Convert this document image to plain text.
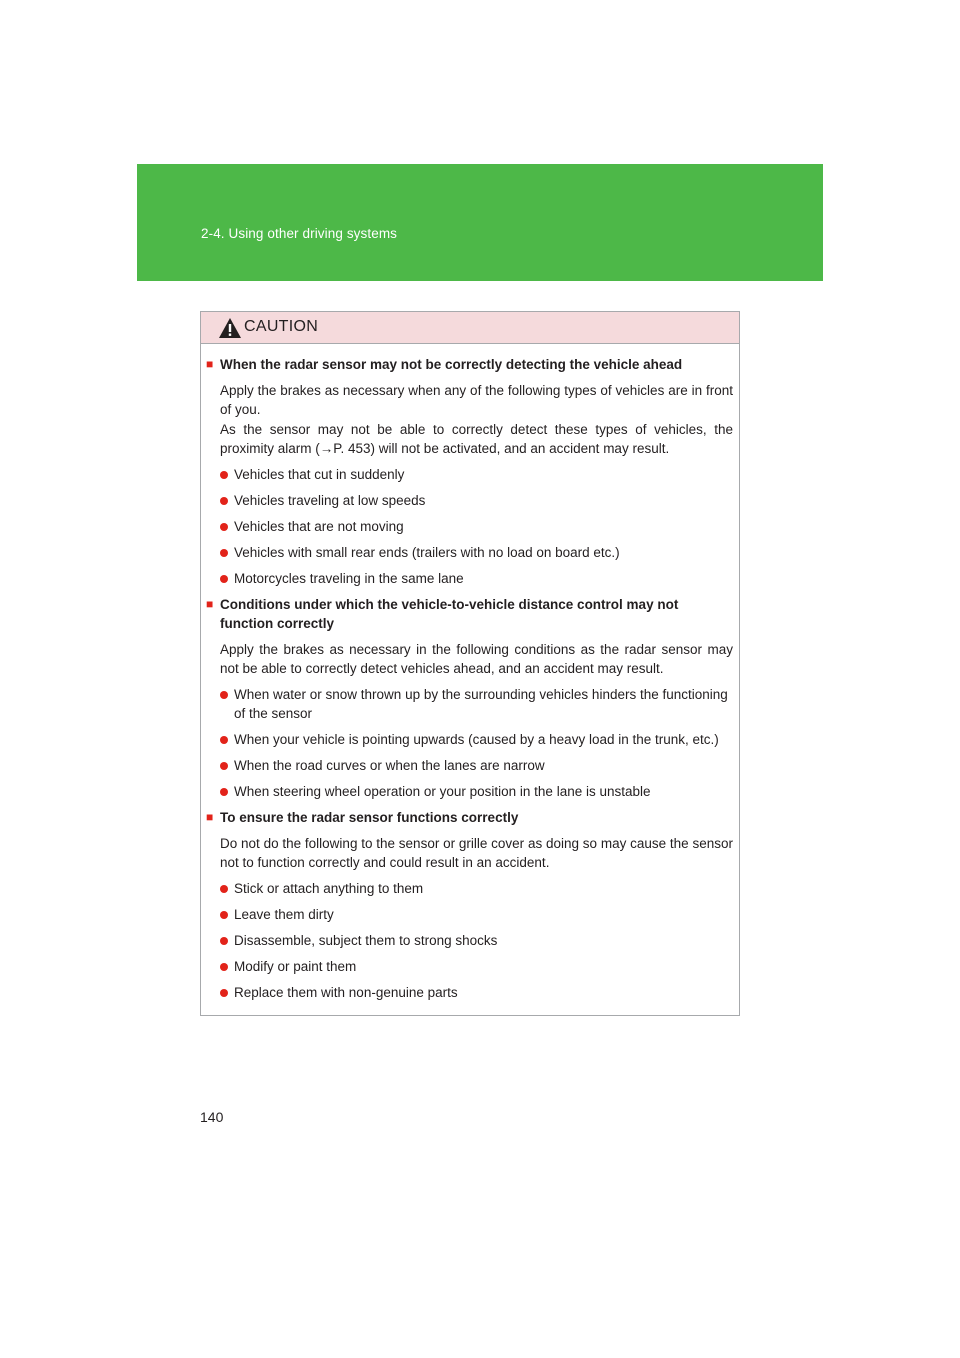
2-4. Using other driving systems
CAUTION
■ When the radar sensor may not be correctly detecting the vehicle ahead
Apply the brakes as necessary when any of the following types of vehicles are in front of you.
As the sensor may not be able to correctly detect these types of vehicles, the proximity alarm (→P. 453) will not be activated, and an accident may result.
Vehicles that cut in suddenly
Vehicles traveling at low speeds
Vehicles that are not moving
Vehicles with small rear ends (trailers with no load on board etc.)
Motorcycles traveling in the same lane
■ Conditions under which the vehicle-to-vehicle distance control may not function correctly
Apply the brakes as necessary in the following conditions as the radar sensor may not be able to correctly detect vehicles ahead, and an accident may result.
When water or snow thrown up by the surrounding vehicles hinders the functioning of the sensor
When your vehicle is pointing upwards (caused by a heavy load in the trunk, etc.)
When the road curves or when the lanes are narrow
When steering wheel operation or your position in the lane is unstable
■ To ensure the radar sensor functions correctly
Do not do the following to the sensor or grille cover as doing so may cause the sensor not to function correctly and could result in an accident.
Stick or attach anything to them
Leave them dirty
Disassemble, subject them to strong shocks
Modify or paint them
Replace them with non-genuine parts
140
